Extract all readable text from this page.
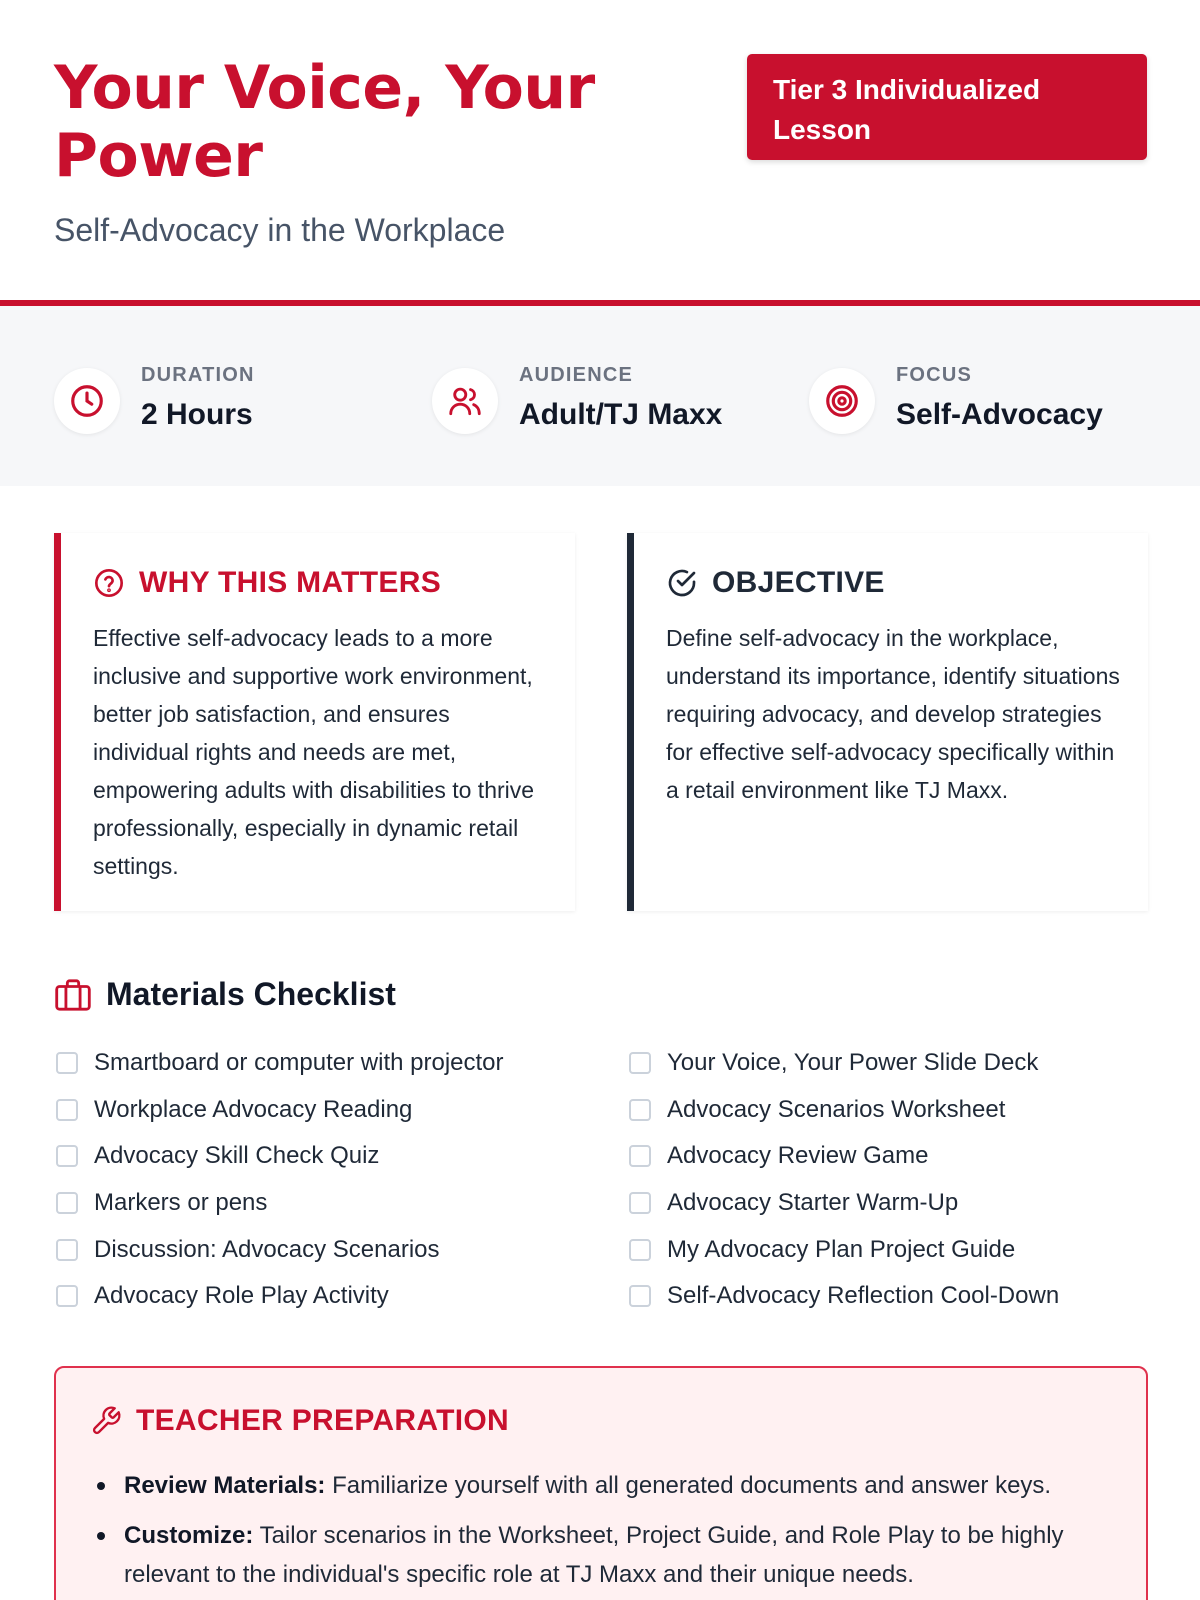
Your Voice, Your Power
Self-Advocacy in the Workplace
Tier 3 Individualized Lesson
DURATION
2 Hours
AUDIENCE
Adult/TJ Maxx
FOCUS
Self-Advocacy
WHY THIS MATTERS

Effective self-advocacy leads to a more inclusive and supportive work environment, better job satisfaction, and ensures individual rights and needs are met, empowering adults with disabilities to thrive professionally, especially in dynamic retail settings.

OBJECTIVE

Define self-advocacy in the workplace, understand its importance, identify situations requiring advocacy, and develop strategies for effective self-advocacy specifically within a retail environment like TJ Maxx.

Materials Checklist
Smartboard or computer with projector
Workplace Advocacy Reading
Advocacy Skill Check Quiz
Markers or pens
Discussion: Advocacy Scenarios
Advocacy Role Play Activity
Your Voice, Your Power Slide Deck
Advocacy Scenarios Worksheet
Advocacy Review Game
Advocacy Starter Warm-Up
My Advocacy Plan Project Guide
Self-Advocacy Reflection Cool-Down
TEACHER PREPARATION
Review Materials: Familiarize yourself with all generated documents and answer keys.
Customize: Tailor scenarios in the Worksheet, Project Guide, and Role Play to be highly relevant to the individual's specific role at TJ Maxx and their unique needs.
